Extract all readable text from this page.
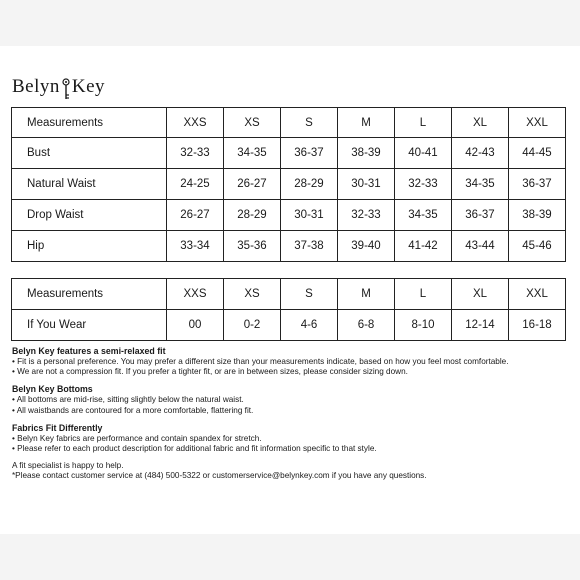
Belyn Key
Measurements	XXS	XS	S	M	L	XL	XXL
Bust	32-33	34-35	36-37	38-39	40-41	42-43	44-45
Natural Waist	24-25	26-27	28-29	30-31	32-33	34-35	36-37
Drop Waist	26-27	28-29	30-31	32-33	34-35	36-37	38-39
Hip	33-34	35-36	37-38	39-40	41-42	43-44	45-46
Measurements	XXS	XS	S	M	L	XL	XXL
If You Wear	00	0-2	4-6	6-8	8-10	12-14	16-18
Belyn Key features a semi-relaxed fit
• Fit is a personal preference. You may prefer a different size than your measurements indicate, based on how you feel most comfortable.
• We are not a compression fit. If you prefer a tighter fit, or are in between sizes, please consider sizing down.
Belyn Key Bottoms
• All bottoms are mid-rise, sitting slightly below the natural waist.
• All waistbands are contoured for a more comfortable, flattering fit.
Fabrics Fit Differently
• Belyn Key fabrics are performance and contain spandex for stretch.
• Please refer to each product description for additional fabric and fit information specific to that style.
A fit specialist is happy to help.
*Please contact customer service at (484) 500-5322 or customerservice@belynkey.com if you have any questions.
